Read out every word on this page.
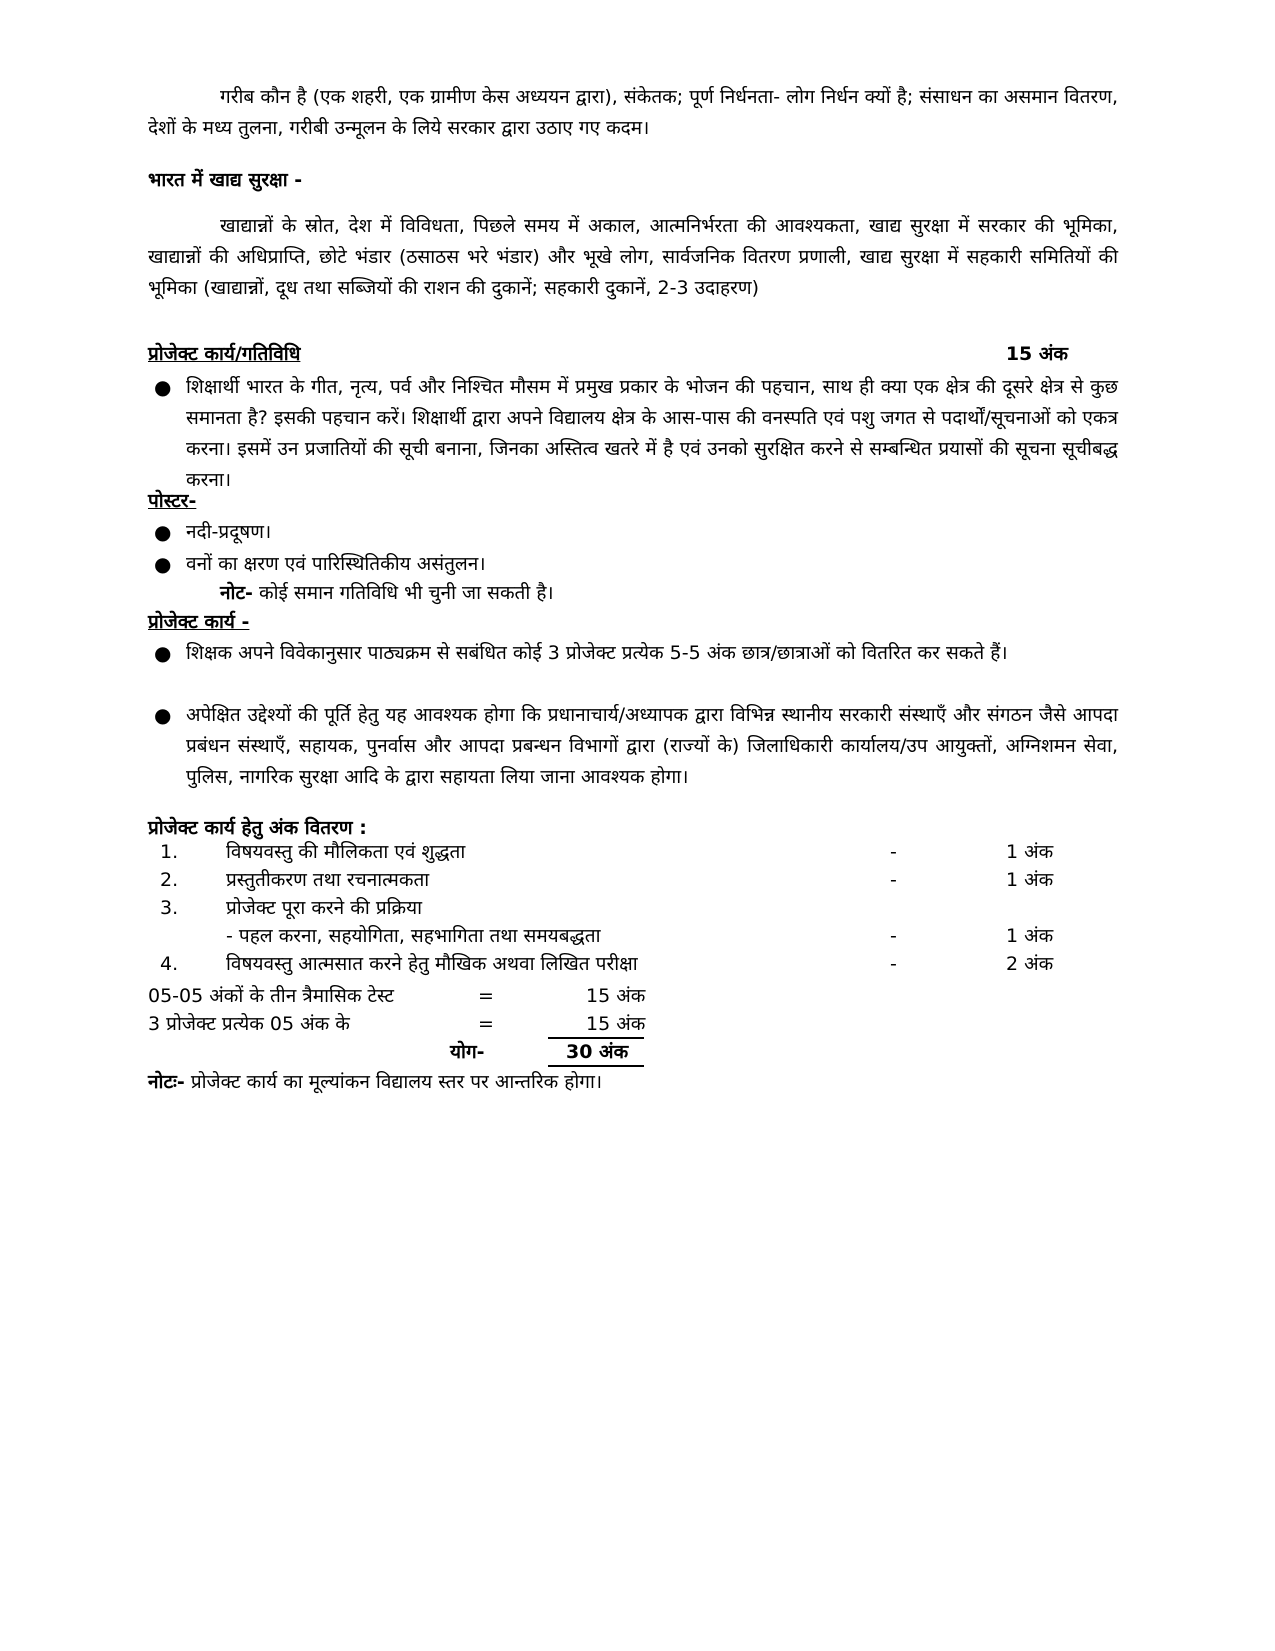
गरीब कौन है (एक शहरी, एक ग्रामीण केस अध्ययन द्वारा), संकेतक; पूर्ण निर्धनता- लोग निर्धन क्यों है; संसाधन का असमान वितरण, देशों के मध्य तुलना, गरीबी उन्मूलन के लिये सरकार द्वारा उठाए गए कदम।
भारत में खाद्य सुरक्षा -
खाद्यान्नों के स्रोत, देश में विविधता, पिछले समय में अकाल, आत्मनिर्भरता की आवश्यकता, खाद्य सुरक्षा में सरकार की भूमिका, खाद्यान्नों की अधिप्राप्ति, छोटे भंडार (ठसाठस भरे भंडार) और भूखे लोग, सार्वजनिक वितरण प्रणाली, खाद्य सुरक्षा में सहकारी समितियों की भूमिका (खाद्यान्नों, दूध तथा सब्जियों की राशन की दुकानें; सहकारी दुकानें, 2-3 उदाहरण)
प्रोजेक्ट कार्य/गतिविधि	15 अंक
● शिक्षार्थी भारत के गीत, नृत्य, पर्व और निश्चित मौसम में प्रमुख प्रकार के भोजन की पहचान, साथ ही क्या एक क्षेत्र की दूसरे क्षेत्र से कुछ समानता है? इसकी पहचान करें। शिक्षार्थी द्वारा अपने विद्यालय क्षेत्र के आस-पास की वनस्पति एवं पशु जगत से पदार्थों/सूचनाओं को एकत्र करना। इसमें उन प्रजातियों की सूची बनाना, जिनका अस्तित्व खतरे में है एवं उनको सुरक्षित करने से सम्बन्धित प्रयासों की सूचना सूचीबद्ध करना।
पोस्टर-
● नदी-प्रदूषण।
● वनों का क्षरण एवं पारिस्थितिकीय असंतुलन।
नोट- कोई समान गतिविधि भी चुनी जा सकती है।
प्रोजेक्ट कार्य -
● शिक्षक अपने विवेकानुसार पाठ्यक्रम से सबंधित कोई 3 प्रोजेक्ट प्रत्येक 5-5 अंक छात्र/छात्राओं को वितरित कर सकते हैं।
● अपेक्षित उद्देश्यों की पूर्ति हेतु यह आवश्यक होगा कि प्रधानाचार्य/अध्यापक द्वारा विभिन्न स्थानीय सरकारी संस्थाएँ और संगठन जैसे आपदा प्रबंधन संस्थाएँ, सहायक, पुनर्वास और आपदा प्रबन्धन विभागों द्वारा (राज्यों के) जिलाधिकारी कार्यालय/उप आयुक्तों, अग्निशमन सेवा, पुलिस, नागरिक सुरक्षा आदि के द्वारा सहायता लिया जाना आवश्यक होगा।
प्रोजेक्ट कार्य हेतु अंक वितरण :
1.	विषयवस्तु की मौलिकता एवं शुद्धता	-	1 अंक
2.	प्रस्तुतीकरण तथा रचनात्मकता	-	1 अंक
3.	प्रोजेक्ट पूरा करने की प्रक्रिया
- पहल करना, सहयोगिता, सहभागिता तथा समयबद्धता	-	1 अंक
4.	विषयवस्तु आत्मसात करने हेतु मौखिक अथवा लिखित परीक्षा	-	2 अंक
05-05 अंकों के तीन त्रैमासिक टेस्ट	=	15 अंक
3 प्रोजेक्ट प्रत्येक 05 अंक के	=	15 अंक
योग-	30 अंक
नोटः- प्रोजेक्ट कार्य का मूल्यांकन विद्यालय स्तर पर आन्तरिक होगा।
